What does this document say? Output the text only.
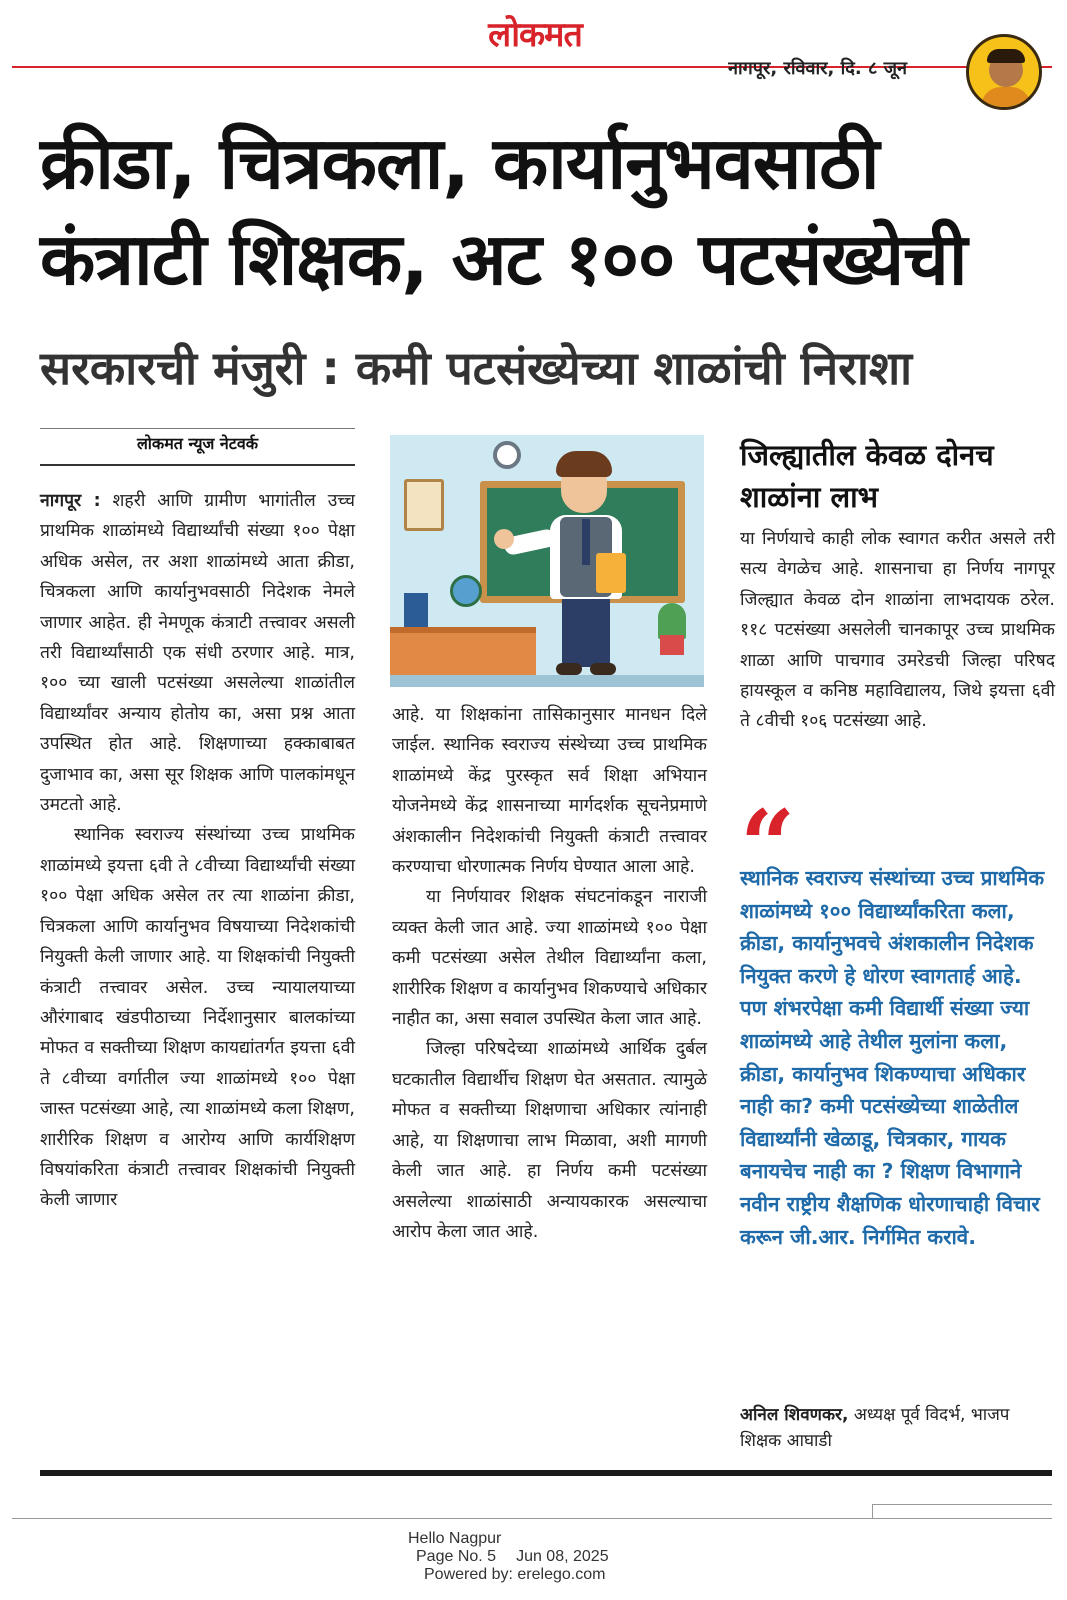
लोकमत
नागपूर, रविवार, दि. ८ जून
क्रीडा, चित्रकला, कार्यानुभवसाठी
कंत्राटी शिक्षक, अट १०० पटसंख्येची
सरकारची मंजुरी : कमी पटसंख्येच्या शाळांची निराशा
लोकमत न्यूज नेटवर्क

नागपूर : शहरी आणि ग्रामीण भागांतील उच्च प्राथमिक शाळांमध्ये विद्यार्थ्यांची संख्या १०० पेक्षा अधिक असेल, तर अशा शाळांमध्ये आता क्रीडा, चित्रकला आणि कार्यानुभवसाठी निदेशक नेमले जाणार आहेत. ही नेमणूक कंत्राटी तत्त्वावर असली तरी विद्यार्थ्यांसाठी एक संधी ठरणार आहे. मात्र, १०० च्या खाली पटसंख्या असलेल्या शाळांतील विद्यार्थ्यांवर अन्याय होतोय का, असा प्रश्न आता उपस्थित होत आहे. शिक्षणाच्या हक्काबाबत दुजाभाव का, असा सूर शिक्षक आणि पालकांमधून उमटतो आहे.

स्थानिक स्वराज्य संस्थांच्या उच्च प्राथमिक शाळांमध्ये इयत्ता ६वी ते ८वीच्या विद्यार्थ्यांची संख्या १०० पेक्षा अधिक असेल तर त्या शाळांना क्रीडा, चित्रकला आणि कार्यानुभव विषयाच्या निदेशकांची नियुक्ती केली जाणार आहे. या शिक्षकांची नियुक्ती कंत्राटी तत्त्वावर असेल. उच्च न्यायालयाच्या औरंगाबाद खंडपीठाच्या निर्देशानुसार बालकांच्या मोफत व सक्तीच्या शिक्षण कायद्यांतर्गत इयत्ता ६वी ते ८वीच्या वर्गातील ज्या शाळांमध्ये १०० पेक्षा जास्त पटसंख्या आहे, त्या शाळांमध्ये कला शिक्षण, शारीरिक शिक्षण व आरोग्य आणि कार्यशिक्षण विषयांकरिता कंत्राटी तत्त्वावर शिक्षकांची नियुक्ती केली जाणार

आहे. या शिक्षकांना तासिकानुसार मानधन दिले जाईल. स्थानिक स्वराज्य संस्थेच्या उच्च प्राथमिक शाळांमध्ये केंद्र पुरस्कृत सर्व शिक्षा अभियान योजनेमध्ये केंद्र शासनाच्या मार्गदर्शक सूचनेप्रमाणे अंशकालीन निदेशकांची नियुक्ती कंत्राटी तत्त्वावर करण्याचा धोरणात्मक निर्णय घेण्यात आला आहे.

या निर्णयावर शिक्षक संघटनांकडून नाराजी व्यक्त केली जात आहे. ज्या शाळांमध्ये १०० पेक्षा कमी पटसंख्या असेल तेथील विद्यार्थ्यांना कला, शारीरिक शिक्षण व कार्यानुभव शिकण्याचे अधिकार नाहीत का, असा सवाल उपस्थित केला जात आहे.

जिल्हा परिषदेच्या शाळांमध्ये आर्थिक दुर्बल घटकातील विद्यार्थीच शिक्षण घेत असतात. त्यामुळे मोफत व सक्तीच्या शिक्षणाचा अधिकार त्यांनाही आहे, या शिक्षणाचा लाभ मिळावा, अशी मागणी केली जात आहे. हा निर्णय कमी पटसंख्या असलेल्या शाळांसाठी अन्यायकारक असल्याचा आरोप केला जात आहे.

जिल्ह्यातील केवळ दोनच शाळांना लाभ

या निर्णयाचे काही लोक स्वागत करीत असले तरी सत्य वेगळेच आहे. शासनाचा हा निर्णय नागपूर जिल्ह्यात केवळ दोन शाळांना लाभदायक ठरेल. ११८ पटसंख्या असलेली चानकापूर उच्च प्राथमिक शाळा आणि पाचगाव उमरेडची जिल्हा परिषद हायस्कूल व कनिष्ठ महाविद्यालय, जिथे इयत्ता ६वी ते ८वीची १०६ पटसंख्या आहे.

“
स्थानिक स्वराज्य संस्थांच्या उच्च प्राथमिक शाळांमध्ये १०० विद्यार्थ्यांकरिता कला, क्रीडा, कार्यानुभवचे अंशकालीन निदेशक नियुक्त करणे हे धोरण स्वागतार्ह आहे. पण शंभरपेक्षा कमी विद्यार्थी संख्या ज्या शाळांमध्ये आहे तेथील मुलांना कला, क्रीडा, कार्यानुभव शिकण्याचा अधिकार नाही का? कमी पटसंख्येच्या शाळेतील विद्यार्थ्यांनी खेळाडू, चित्रकार, गायक बनायचेच नाही का ? शिक्षण विभागाने नवीन राष्ट्रीय शैक्षणिक धोरणाचाही विचार करून जी.आर. निर्गमित करावे.
अनिल शिवणकर, अध्यक्ष पूर्व विदर्भ, भाजप शिक्षक आघाडी
Hello Nagpur
Page No. 5 Jun 08, 2025
Powered by: erelego.com
